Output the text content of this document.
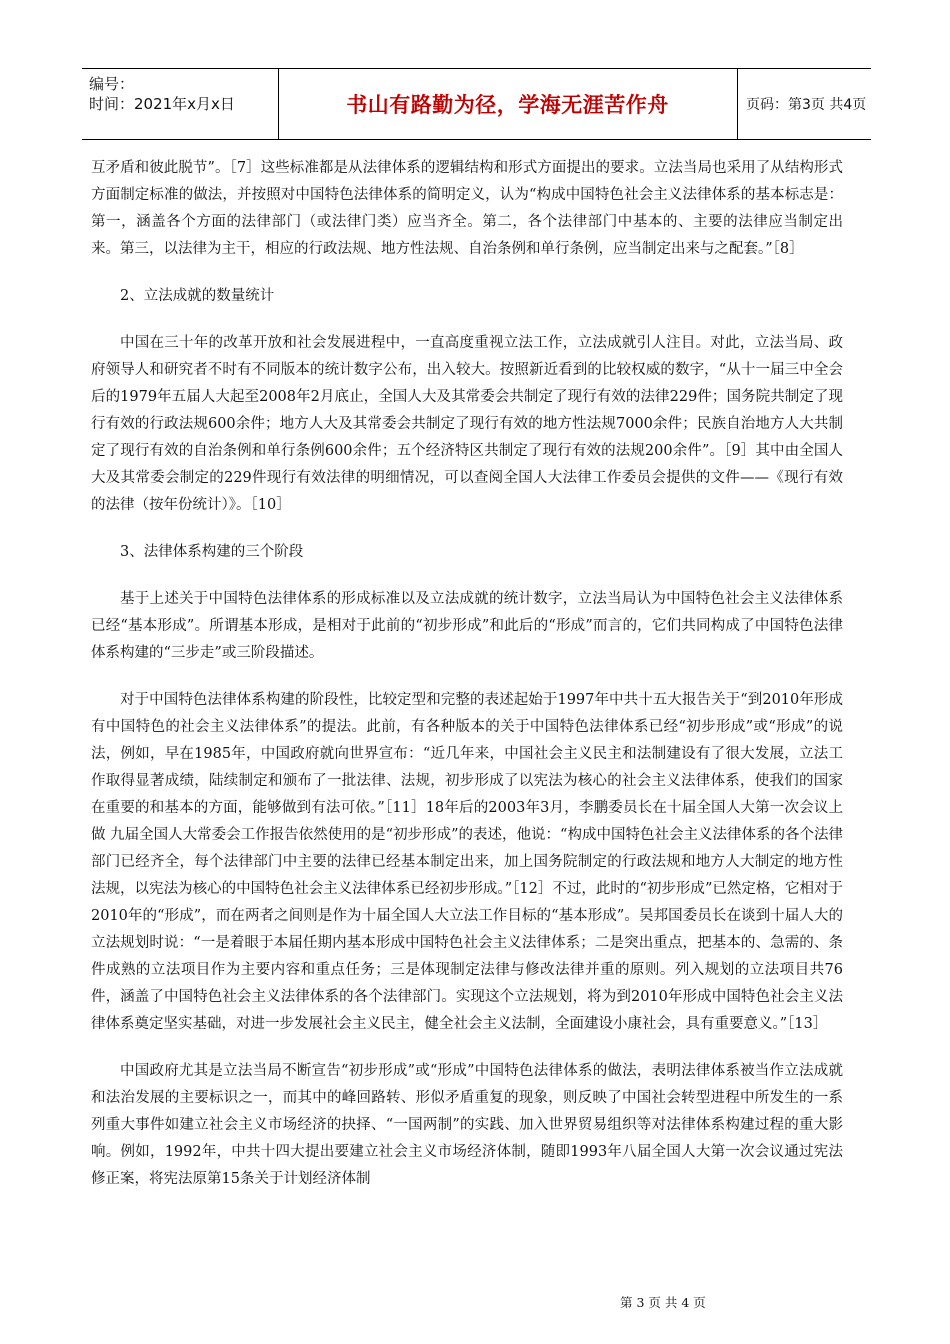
编号：
时间：2021年x月x日	书山有路勤为径，学海无涯苦作舟	页码：第3页 共4页

互矛盾和彼此脱节”。［7］这些标准都是从法律体系的逻辑结构和形式方面提出的要求。立法当局也采用了从结构形式方面制定标准的做法，并按照对中国特色法律体系的简明定义，认为“构成中国特色社会主义法律体系的基本标志是：第一，涵盖各个方面的法律部门（或法律门类）应当齐全。第二，各个法律部门中基本的、主要的法律应当制定出来。第三，以法律为主干，相应的行政法规、地方性法规、自治条例和单行条例，应当制定出来与之配套。”［8］

2、立法成就的数量统计

中国在三十年的改革开放和社会发展进程中，一直高度重视立法工作，立法成就引人注目。对此，立法当局、政府领导人和研究者不时有不同版本的统计数字公布，出入较大。按照新近看到的比较权威的数字，“从十一届三中全会后的1979年五届人大起至2008年2月底止，全国人大及其常委会共制定了现行有效的法律229件；国务院共制定了现行有效的行政法规600余件；地方人大及其常委会共制定了现行有效的地方性法规7000余件；民族自治地方人大共制定了现行有效的自治条例和单行条例600余件；五个经济特区共制定了现行有效的法规200余件”。［9］其中由全国人大及其常委会制定的229件现行有效法律的明细情况，可以查阅全国人大法律工作委员会提供的文件——《现行有效的法律（按年份统计）》。［10］

3、法律体系构建的三个阶段

基于上述关于中国特色法律体系的形成标准以及立法成就的统计数字，立法当局认为中国特色社会主义法律体系已经“基本形成”。所谓基本形成，是相对于此前的“初步形成”和此后的“形成”而言的，它们共同构成了中国特色法律体系构建的“三步走”或三阶段描述。

对于中国特色法律体系构建的阶段性，比较定型和完整的表述起始于1997年中共十五大报告关于“到2010年形成有中国特色的社会主义法律体系”的提法。此前，有各种版本的关于中国特色法律体系已经“初步形成”或“形成”的说法，例如，早在1985年，中国政府就向世界宣布：“近几年来，中国社会主义民主和法制建设有了很大发展，立法工作取得显著成绩，陆续制定和颁布了一批法律、法规，初步形成了以宪法为核心的社会主义法律体系，使我们的国家在重要的和基本的方面，能够做到有法可依。”［11］18年后的2003年3月，李鹏委员长在十届全国人大第一次会议上做 九届全国人大常委会工作报告依然使用的是“初步形成”的表述，他说：“构成中国特色社会主义法律体系的各个法律部门已经齐全，每个法律部门中主要的法律已经基本制定出来，加上国务院制定的行政法规和地方人大制定的地方性法规，以宪法为核心的中国特色社会主义法律体系已经初步形成。”［12］不过，此时的“初步形成”已然定格，它相对于2010年的“形成”，而在两者之间则是作为十届全国人大立法工作目标的“基本形成”。吴邦国委员长在谈到十届人大的立法规划时说：“一是着眼于本届任期内基本形成中国特色社会主义法律体系；二是突出重点，把基本的、急需的、条件成熟的立法项目作为主要内容和重点任务；三是体现制定法律与修改法律并重的原则。列入规划的立法项目共76件，涵盖了中国特色社会主义法律体系的各个法律部门。实现这个立法规划，将为到2010年形成中国特色社会主义法律体系奠定坚实基础，对进一步发展社会主义民主，健全社会主义法制，全面建设小康社会，具有重要意义。”［13］

中国政府尤其是立法当局不断宣告“初步形成”或“形成”中国特色法律体系的做法，表明法律体系被当作立法成就和法治发展的主要标识之一，而其中的峰回路转、形似矛盾重复的现象，则反映了中国社会转型进程中所发生的一系列重大事件如建立社会主义市场经济的抉择、“一国两制”的实践、加入世界贸易组织等对法律体系构建过程的重大影响。例如，1992年，中共十四大提出要建立社会主义市场经济体制，随即1993年八届全国人大第一次会议通过宪法修正案，将宪法原第15条关于计划经济体制

第 3 页 共 4 页
